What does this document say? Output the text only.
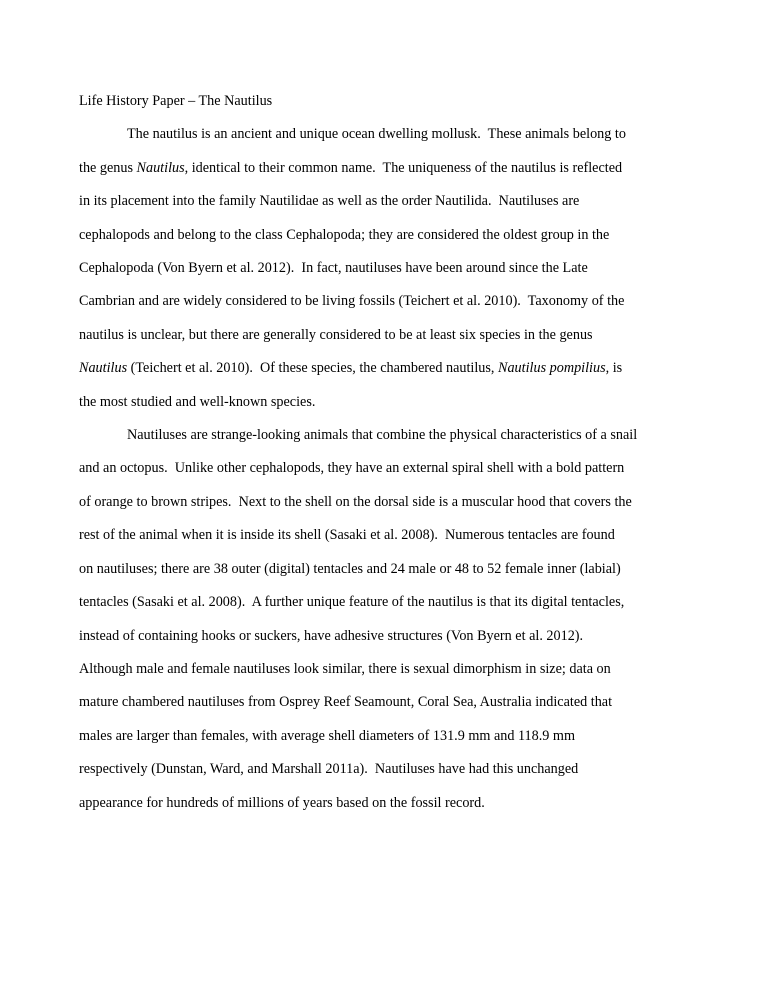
Life History Paper – The Nautilus
The nautilus is an ancient and unique ocean dwelling mollusk.  These animals belong to
the genus Nautilus, identical to their common name.  The uniqueness of the nautilus is reflected
in its placement into the family Nautilidae as well as the order Nautilida.  Nautiluses are
cephalopods and belong to the class Cephalopoda; they are considered the oldest group in the
Cephalopoda (Von Byern et al. 2012).  In fact, nautiluses have been around since the Late
Cambrian and are widely considered to be living fossils (Teichert et al. 2010).  Taxonomy of the
nautilus is unclear, but there are generally considered to be at least six species in the genus
Nautilus (Teichert et al. 2010).  Of these species, the chambered nautilus, Nautilus pompilius, is
the most studied and well-known species.
Nautiluses are strange-looking animals that combine the physical characteristics of a snail
and an octopus.  Unlike other cephalopods, they have an external spiral shell with a bold pattern
of orange to brown stripes.  Next to the shell on the dorsal side is a muscular hood that covers the
rest of the animal when it is inside its shell (Sasaki et al. 2008).  Numerous tentacles are found
on nautiluses; there are 38 outer (digital) tentacles and 24 male or 48 to 52 female inner (labial)
tentacles (Sasaki et al. 2008).  A further unique feature of the nautilus is that its digital tentacles,
instead of containing hooks or suckers, have adhesive structures (Von Byern et al. 2012).
Although male and female nautiluses look similar, there is sexual dimorphism in size; data on
mature chambered nautiluses from Osprey Reef Seamount, Coral Sea, Australia indicated that
males are larger than females, with average shell diameters of 131.9 mm and 118.9 mm
respectively (Dunstan, Ward, and Marshall 2011a).  Nautiluses have had this unchanged
appearance for hundreds of millions of years based on the fossil record.
